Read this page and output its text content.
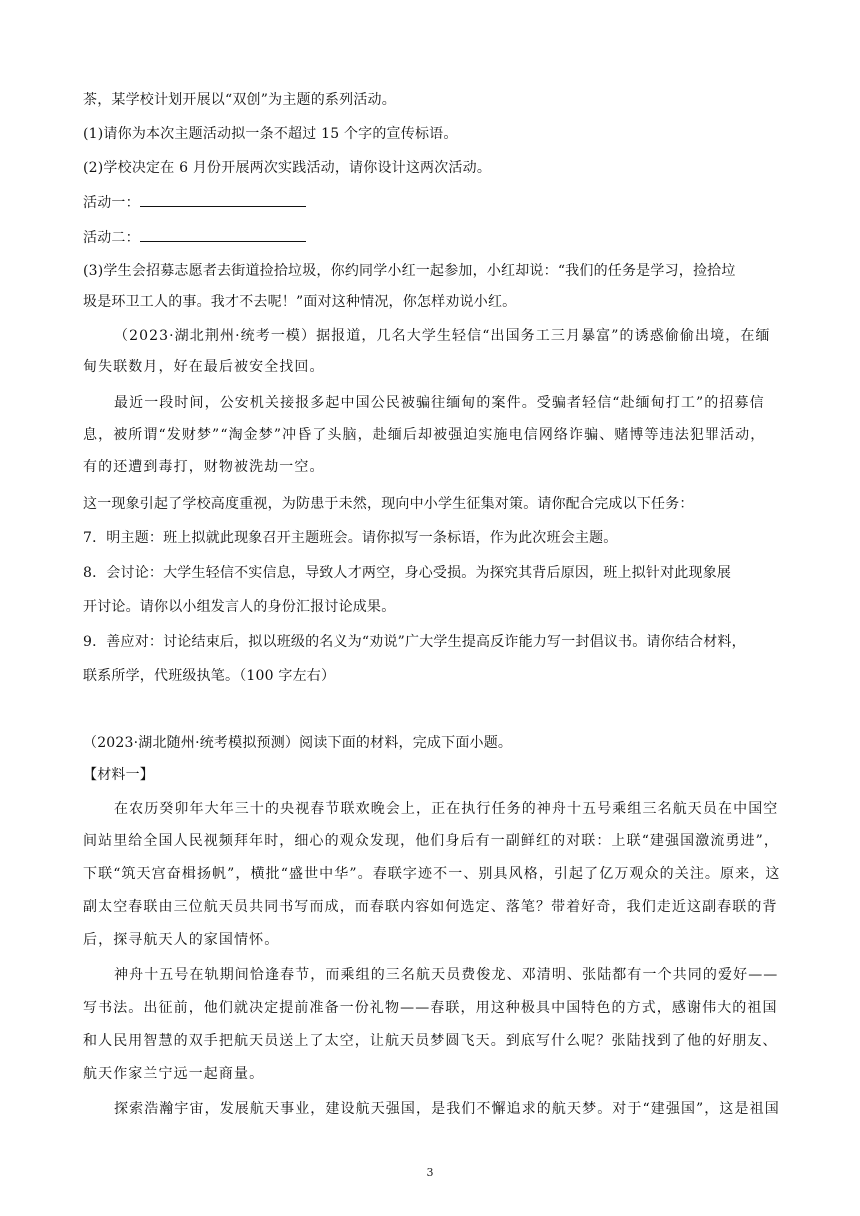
茶，某学校计划开展以“双创”为主题的系列活动。
(1)请你为本次主题活动拟一条不超过 15 个字的宣传标语。
(2)学校决定在 6 月份开展两次实践活动，请你设计这两次活动。
活动一：
活动二：
(3)学生会招募志愿者去街道捡拾垃圾，你约同学小红一起参加，小红却说：“我们的任务是学习，捡拾垃
圾是环卫工人的事。我才不去呢！”面对这种情况，你怎样劝说小红。
（2023·湖北荆州·统考一模）据报道，几名大学生轻信“出国务工三月暴富”的诱惑偷偷出境，在缅
甸失联数月，好在最后被安全找回。
最近一段时间，公安机关接报多起中国公民被骗往缅甸的案件。受骗者轻信“赴缅甸打工”的招募信
息，被所谓“发财梦”“淘金梦”冲昏了头脑，赴缅后却被强迫实施电信网络诈骗、赌博等违法犯罪活动，
有的还遭到毒打，财物被洗劫一空。
这一现象引起了学校高度重视，为防患于未然，现向中小学生征集对策。请你配合完成以下任务：
7．明主题：班上拟就此现象召开主题班会。请你拟写一条标语，作为此次班会主题。
8．会讨论：大学生轻信不实信息，导致人才两空，身心受损。为探究其背后原因，班上拟针对此现象展
开讨论。请你以小组发言人的身份汇报讨论成果。
9．善应对：讨论结束后，拟以班级的名义为“劝说”广大学生提高反诈能力写一封倡议书。请你结合材料，
联系所学，代班级执笔。（100 字左右）
（2023·湖北随州·统考模拟预测）阅读下面的材料，完成下面小题。
【材料一】
在农历癸卯年大年三十的央视春节联欢晚会上，正在执行任务的神舟十五号乘组三名航天员在中国空
间站里给全国人民视频拜年时，细心的观众发现，他们身后有一副鲜红的对联：上联“建强国激流勇进”，
下联“筑天宫奋楫扬帆”，横批“盛世中华”。春联字迹不一、别具风格，引起了亿万观众的关注。原来，这
副太空春联由三位航天员共同书写而成，而春联内容如何选定、落笔？带着好奇，我们走近这副春联的背
后，探寻航天人的家国情怀。
神舟十五号在轨期间恰逢春节，而乘组的三名航天员费俊龙、邓清明、张陆都有一个共同的爱好——
写书法。出征前，他们就决定提前准备一份礼物——春联，用这种极具中国特色的方式，感谢伟大的祖国
和人民用智慧的双手把航天员送上了太空，让航天员梦圆飞天。到底写什么呢？张陆找到了他的好朋友、
航天作家兰宁远一起商量。
探索浩瀚宇宙，发展航天事业，建设航天强国，是我们不懈追求的航天梦。对于“建强国”，这是祖国
3
